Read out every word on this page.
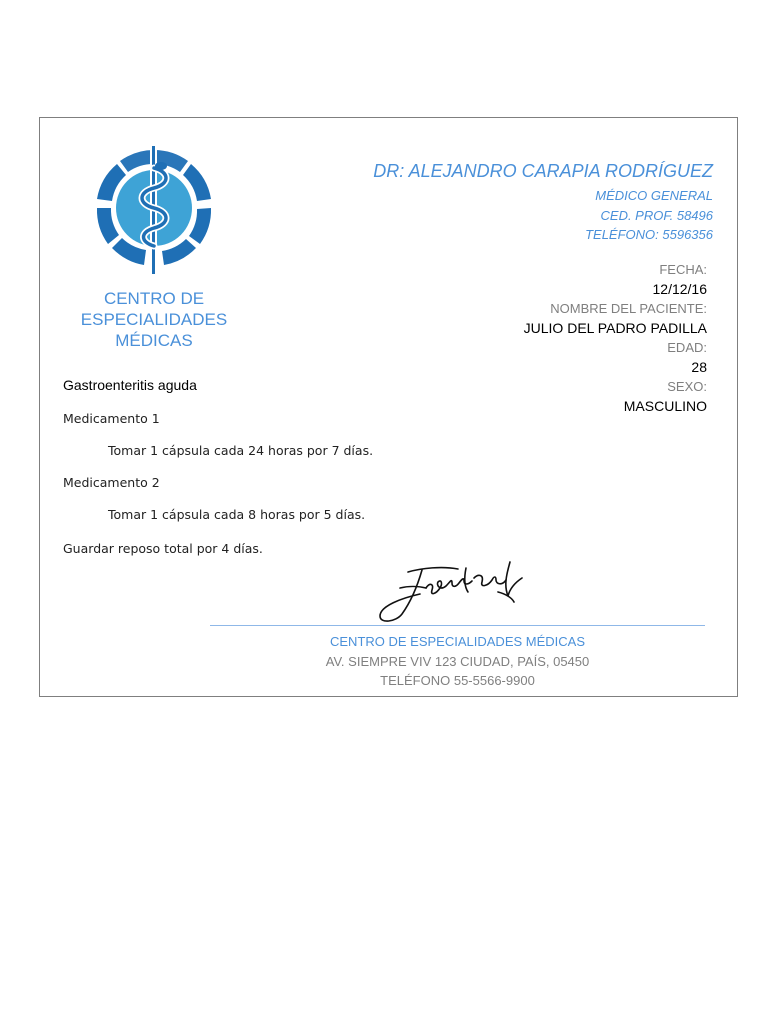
CENTRO DE
ESPECIALIDADES
MÉDICAS
DR: ALEJANDRO CARAPIA RODRÍGUEZ
MÉDICO GENERAL
CED. PROF. 58496
TELÉFONO: 5596356
FECHA:
12/12/16
NOMBRE DEL PACIENTE:
JULIO DEL PADRO PADILLA
EDAD:
28
SEXO:
MASCULINO
Gastroenteritis aguda
Medicamento 1
Tomar 1 cápsula cada 24 horas por 7 días.
Medicamento 2
Tomar 1 cápsula cada 8 horas por 5 días.
Guardar reposo total por 4 días.
CENTRO DE ESPECIALIDADES MÉDICAS
AV. SIEMPRE VIV 123 CIUDAD, PAÍS, 05450
TELÉFONO 55-5566-9900
